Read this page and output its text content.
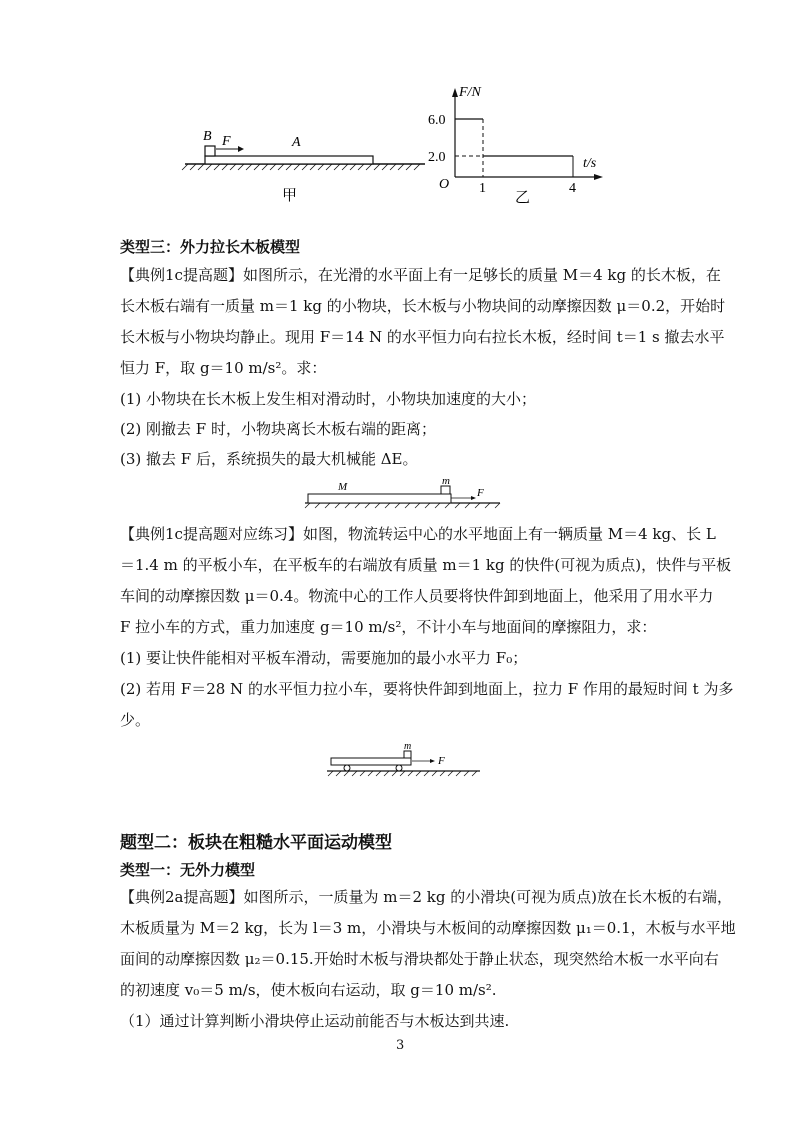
B F	A
甲
F/N
t/s
6.0
2.0
O 1	4
乙
类型三：外力拉长木板模型
【典例1c提高题】如图所示，在光滑的水平面上有一足够长的质量 M＝4 kg 的长木板，在
长木板右端有一质量 m＝1 kg 的小物块，长木板与小物块间的动摩擦因数 μ＝0.2，开始时
长木板与小物块均静止。现用 F＝14 N 的水平恒力向右拉长木板，经时间 t＝1 s 撤去水平
恒力 F，取 g＝10 m/s²。求：
(1) 小物块在长木板上发生相对滑动时，小物块加速度的大小；
(2) 刚撤去 F 时，小物块离长木板右端的距离；
(3) 撤去 F 后，系统损失的最大机械能 ΔE。
M	m
F
【典例1c提高题对应练习】如图，物流转运中心的水平地面上有一辆质量 M＝4 kg、长 L
＝1.4 m 的平板小车，在平板车的右端放有质量 m＝1 kg 的快件(可视为质点)，快件与平板
车间的动摩擦因数 μ＝0.4。物流中心的工作人员要将快件卸到地面上，他采用了用水平力
F 拉小车的方式，重力加速度 g＝10 m/s²，不计小车与地面间的摩擦阻力，求：
(1) 要让快件能相对平板车滑动，需要施加的最小水平力 F₀；
(2) 若用 F＝28 N 的水平恒力拉小车，要将快件卸到地面上，拉力 F 作用的最短时间 t 为多
少。
m
F
题型二：板块在粗糙水平面运动模型
类型一：无外力模型
【典例2a提高题】如图所示，一质量为 m＝2 kg 的小滑块(可视为质点)放在长木板的右端，
木板质量为 M＝2 kg，长为 l＝3 m，小滑块与木板间的动摩擦因数 μ₁＝0.1，木板与水平地
面间的动摩擦因数 μ₂＝0.15.开始时木板与滑块都处于静止状态，现突然给木板一水平向右
的初速度 v₀＝5 m/s，使木板向右运动，取 g＝10 m/s².
（1）通过计算判断小滑块停止运动前能否与木板达到共速.
3
